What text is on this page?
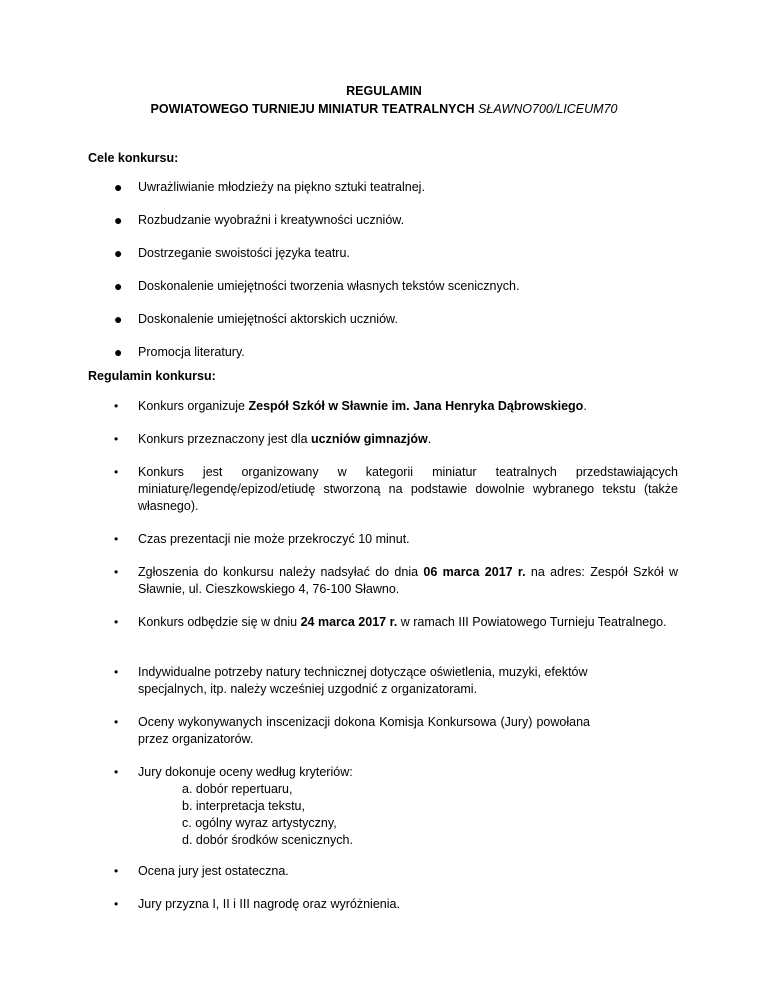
REGULAMIN
POWIATOWEGO TURNIEJU MINIATUR TEATRALNYCH SŁAWNO700/LICEUM70
Cele konkursu:
● Uwrażliwianie młodzieży na piękno sztuki teatralnej.
● Rozbudzanie wyobraźni i kreatywności uczniów.
● Dostrzeganie swoistości języka teatru.
● Doskonalenie umiejętności tworzenia własnych tekstów scenicznych.
● Doskonalenie umiejętności aktorskich uczniów.
● Promocja literatury.
Regulamin konkursu:
• Konkurs organizuje Zespół Szkół w Sławnie im. Jana Henryka Dąbrowskiego.
• Konkurs przeznaczony jest dla uczniów gimnazjów.
• Konkurs jest organizowany w kategorii miniatur teatralnych przedstawiających miniaturę/legendę/epizod/etiudę stworzoną na podstawie dowolnie wybranego tekstu (także własnego).
• Czas prezentacji nie może przekroczyć 10 minut.
• Zgłoszenia do konkursu należy nadsyłać do dnia 06 marca 2017 r. na adres: Zespół Szkół w Sławnie, ul. Cieszkowskiego 4, 76-100 Sławno.
• Konkurs odbędzie się w dniu 24 marca 2017 r. w ramach III Powiatowego Turnieju Teatralnego.
• Indywidualne potrzeby natury technicznej dotyczące oświetlenia, muzyki, efektów specjalnych, itp. należy wcześniej uzgodnić z organizatorami.
• Oceny wykonywanych inscenizacji dokona Komisja Konkursowa (Jury) powołana przez organizatorów.
• Jury dokonuje oceny według kryteriów:
a. dobór repertuaru,
b. interpretacja tekstu,
c. ogólny wyraz artystyczny,
d. dobór środków scenicznych.
• Ocena jury jest ostateczna.
• Jury przyzna I, II i III nagrodę oraz wyróżnienia.
